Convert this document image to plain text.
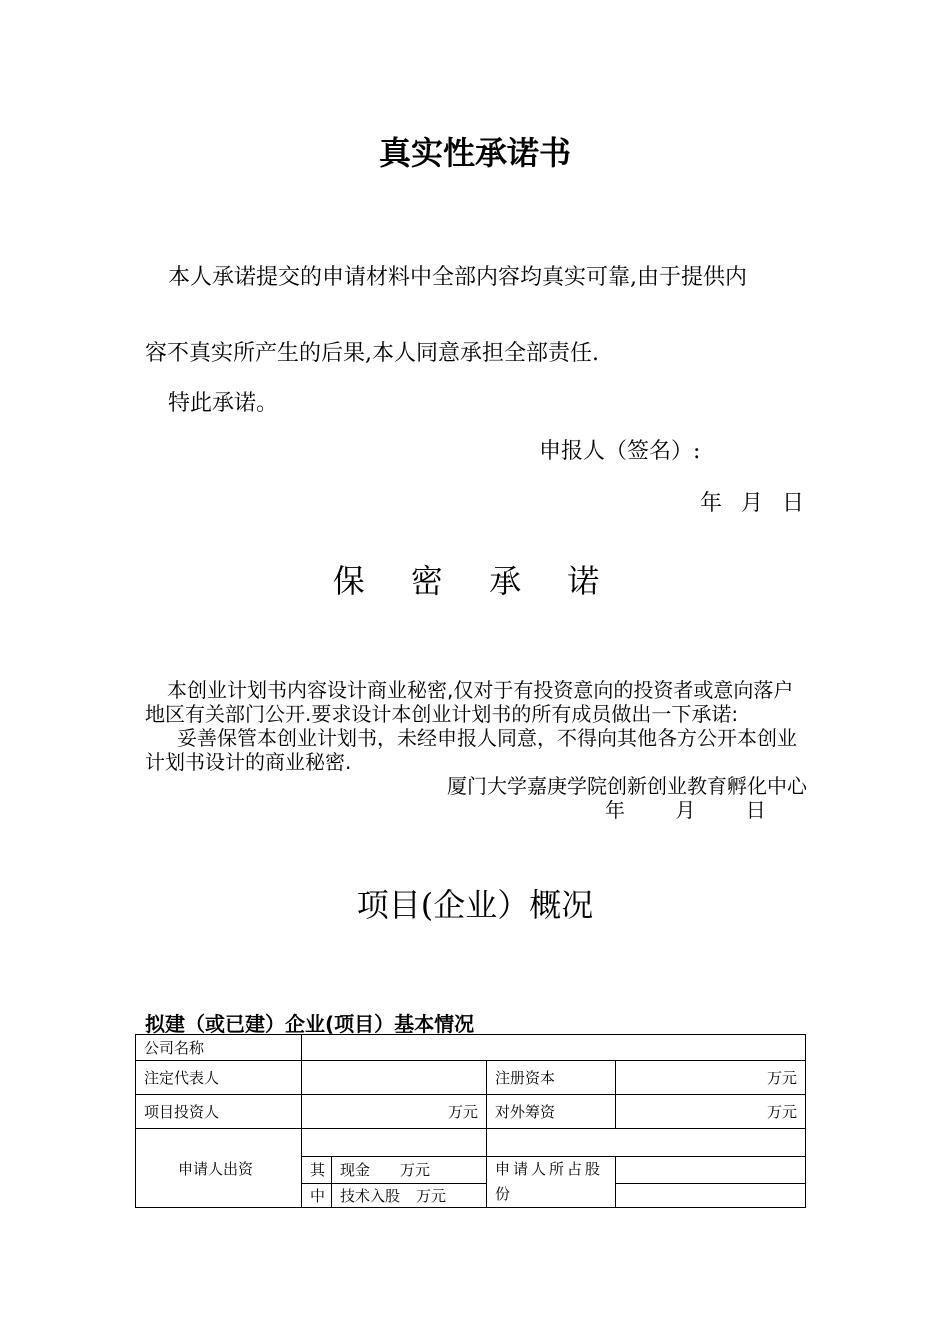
真实性承诺书
本人承诺提交的申请材料中全部内容均真实可靠,由于提供内
容不真实所产生的后果,本人同意承担全部责任.
特此承诺。
申报人（签名）:
年 月 日
保 密 承 诺

本创业计划书内容设计商业秘密,仅对于有投资意向的投资者或意向落户地区有关部门公开.要求设计本创业计划书的所有成员做出一下承诺:

妥善保管本创业计划书，未经申报人同意，不得向其他各方公开本创业计划书设计的商业秘密.

厦门大学嘉庚学院创新创业教育孵化中心

年 月 日

项目(企业）概况
拟建（或已建）企业(项目）基本情况
公司名称				
注定代表人			注册资本	万元
项目投资人	万元		对外筹资	万元
申请人出资				
	其	现金 万元	申请人所占股份	
	中	技术入股 万元		
